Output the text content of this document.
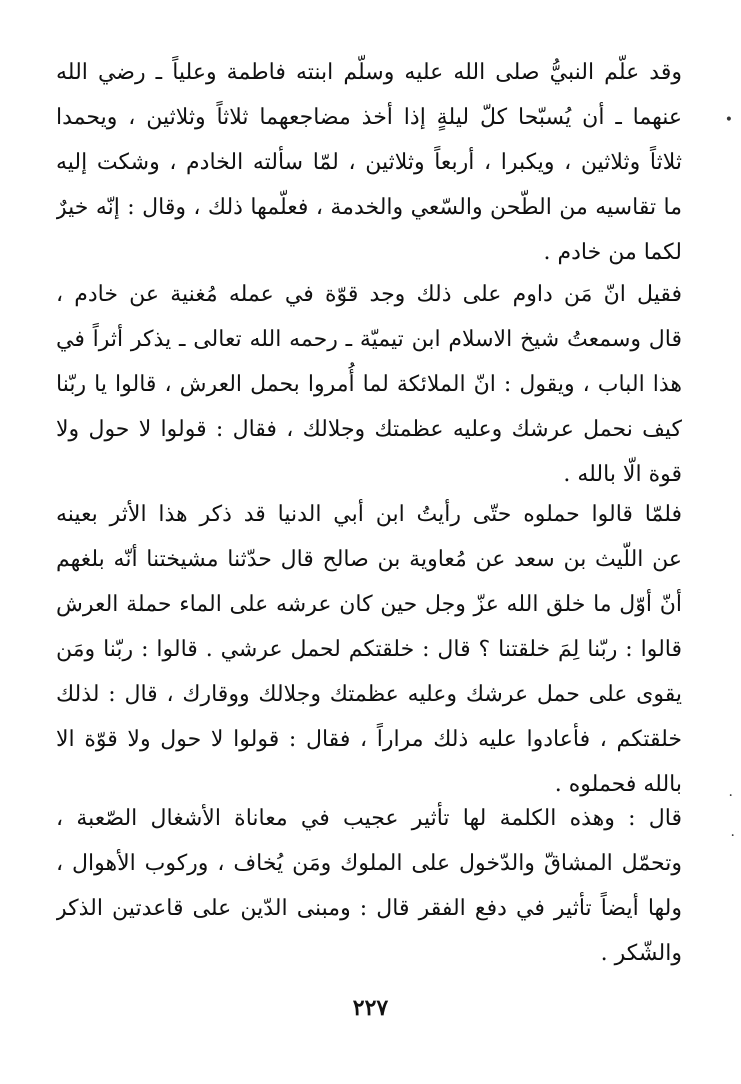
وقد علّم النبيُّ صلى الله عليه وسلّم ابنته فاطمة وعلياً ـ رضي الله
عنهما ـ أن يُسبّحا كلّ ليلةٍ إذا أخذ مضاجعهما ثلاثاً وثلاثين ، ويحمدا
ثلاثاً وثلاثين ، ويكبرا ، أربعاً وثلاثين ، لمّا سألته الخادم ، وشكت إليه
ما تقاسيه من الطّحن والسّعي والخدمة ، فعلّمها ذلك ، وقال : إنّه خيرٌ
لكما من خادم .
فقيل انّ مَن داوم على ذلك وجد قوّة في عمله مُغنية عن خادم ،
قال وسمعتُ شيخ الاسلام ابن تيميّة ـ رحمه الله تعالى ـ يذكر أثراً في
هذا الباب ، ويقول : انّ الملائكة لما أُمروا بحمل العرش ، قالوا يا ربّنا
كيف نحمل عرشك وعليه عظمتك وجلالك ، فقال : قولوا لا حول ولا
قوة الّا بالله .
فلمّا قالوا حملوه حتّى رأيتُ ابن أبي الدنيا قد ذكر هذا الأثر بعينه
عن اللّيث بن سعد عن مُعاوية بن صالح قال حدّثنا مشيختنا أنّه بلغهم
أنّ أوّل ما خلق الله عزّ وجل حين كان عرشه على الماء حملة العرش
قالوا : ربّنا لِمَ خلقتنا ؟ قال : خلقتكم لحمل عرشي . قالوا : ربّنا ومَن
يقوى على حمل عرشك وعليه عظمتك وجلالك ووقارك ، قال : لذلك
خلقتكم ، فأعادوا عليه ذلك مراراً ، فقال : قولوا لا حول ولا قوّة الا
بالله فحملوه .
قال : وهذه الكلمة لها تأثير عجيب في معاناة الأشغال الصّعبة ،
وتحمّل المشاقّ والدّخول على الملوك ومَن يُخاف ، وركوب الأهوال ،
ولها أيضاً تأثير في دفع الفقر قال : ومبنى الدّين على قاعدتين الذكر
والشّكر .
٢٢٧
•
·
·
